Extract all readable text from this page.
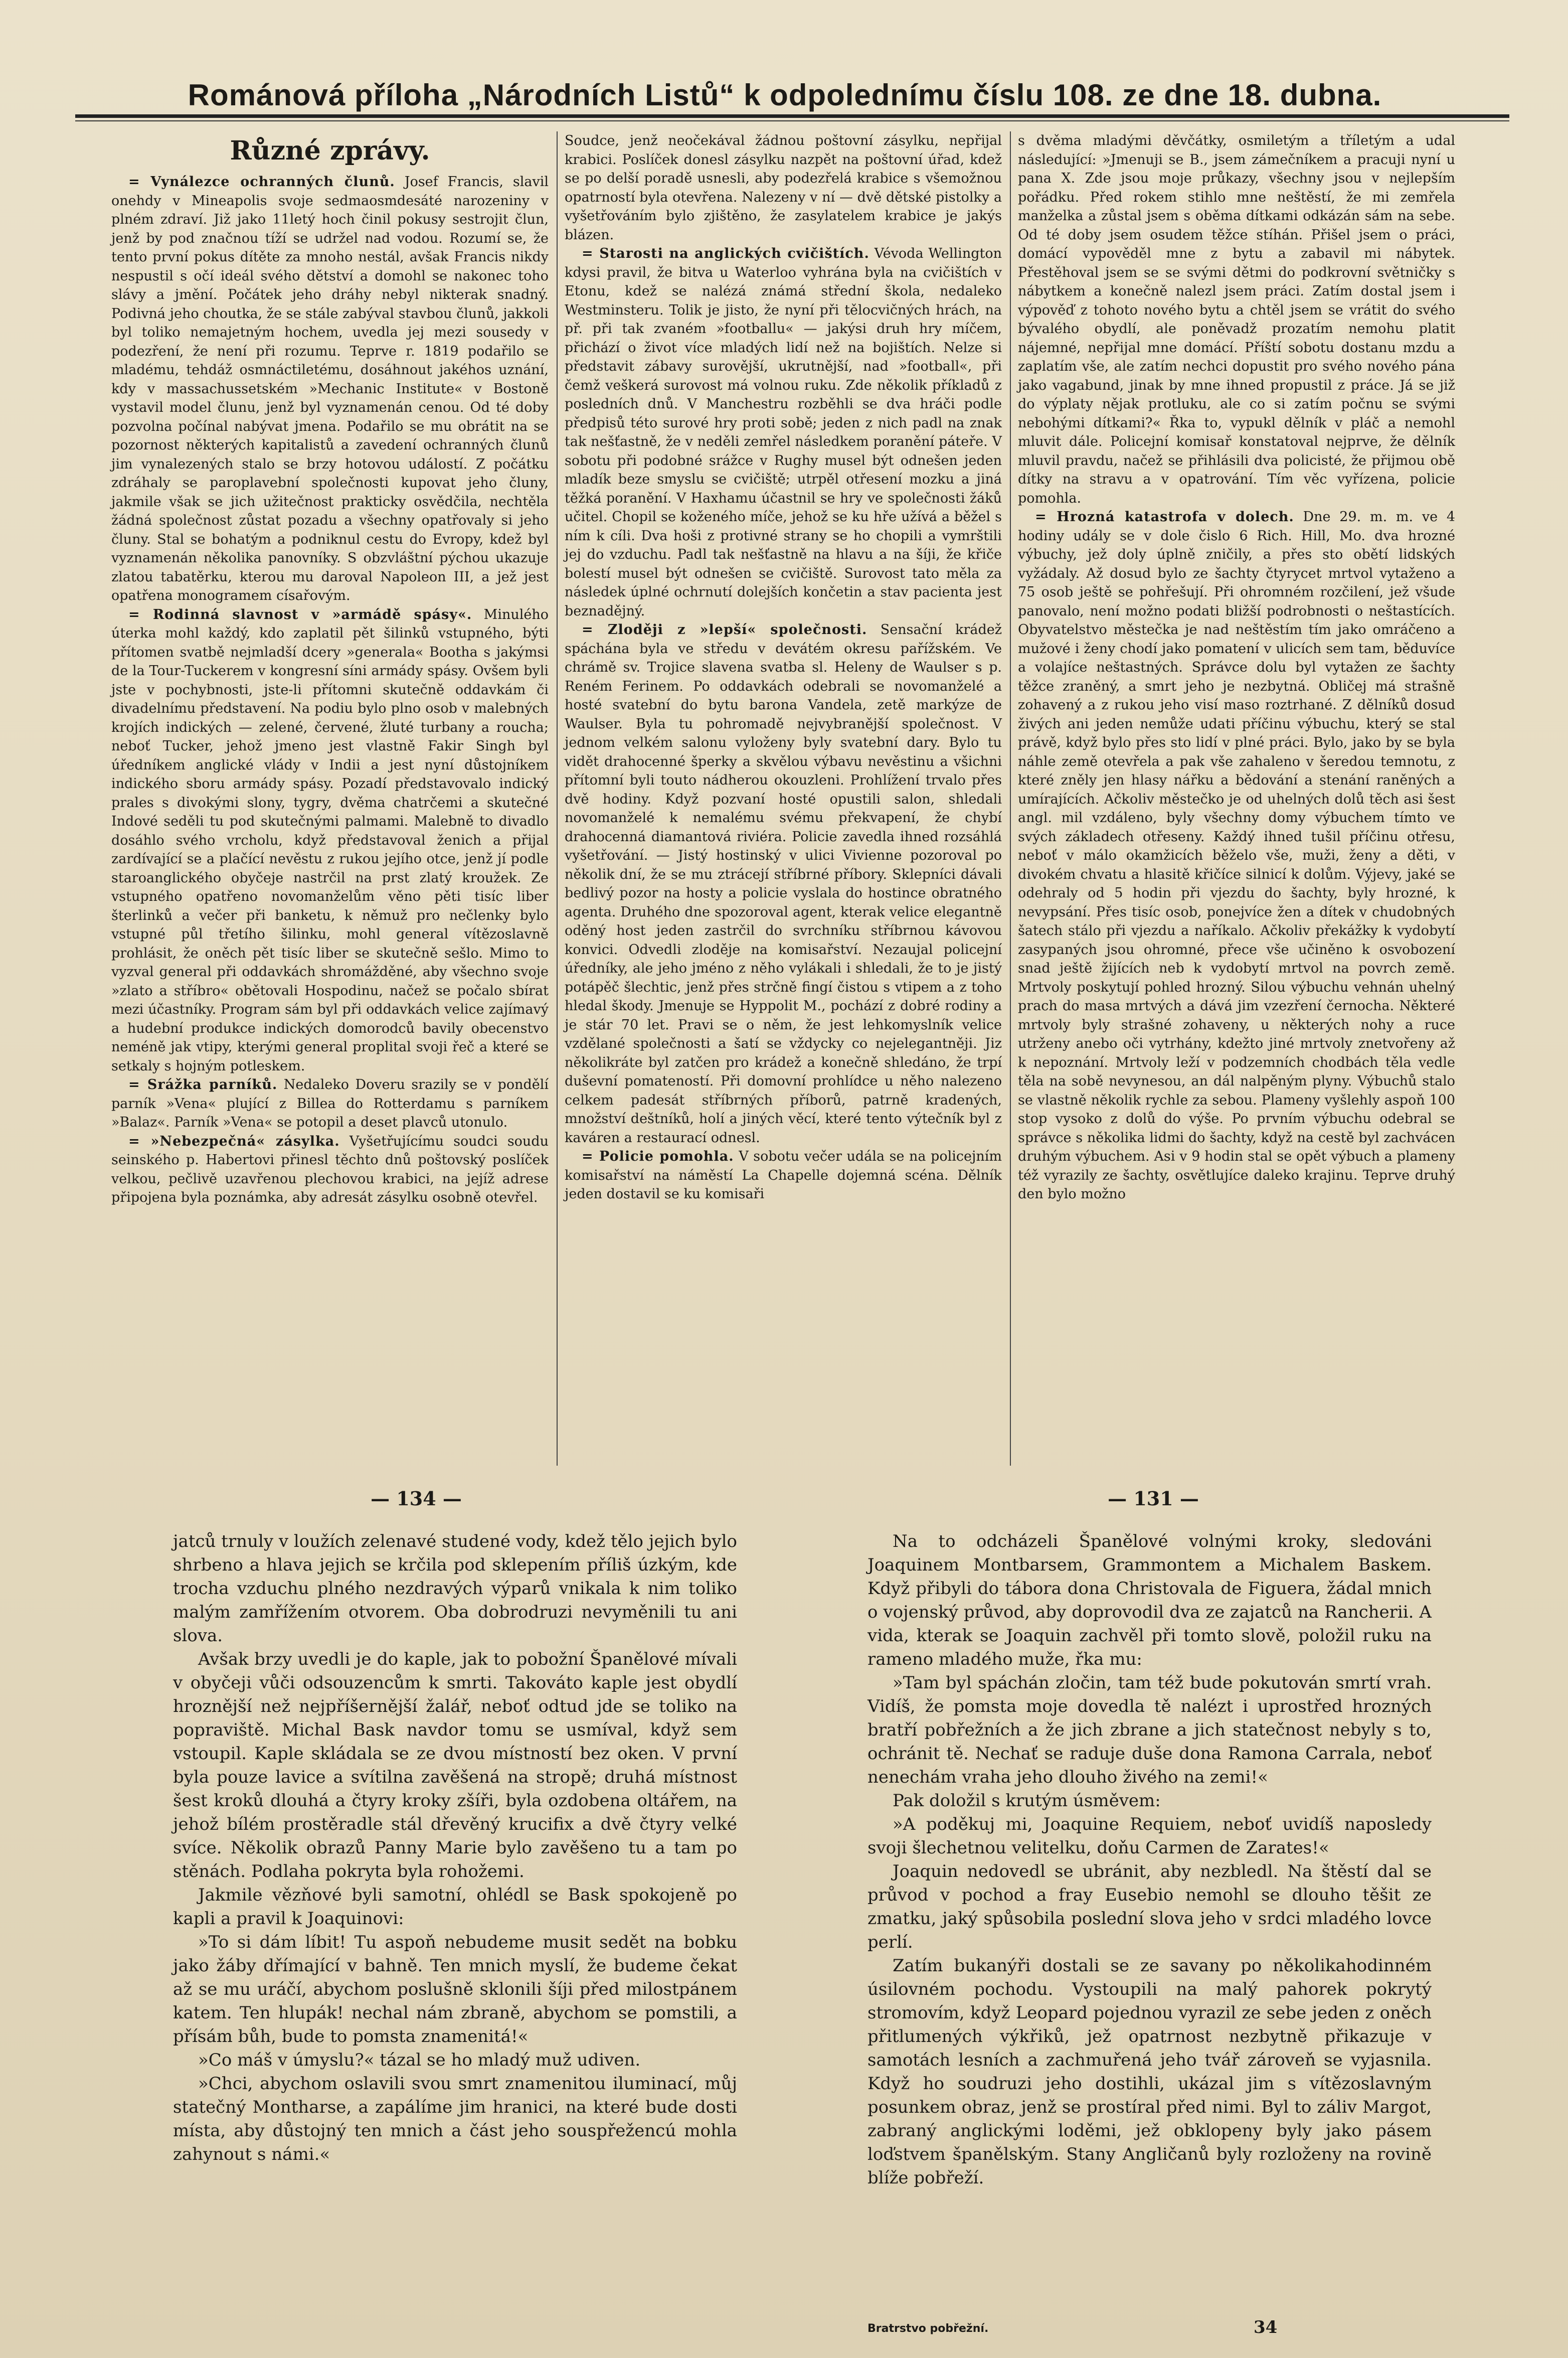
Románová příloha „Národních Listů“ k odpolednímu číslu 108. ze dne 18. dubna.

Různé zprávy.

= Vynálezce ochranných člunů. Josef Francis, slavil onehdy v Mineapolis svoje sedmaosmdesáté narozeniny v plném zdraví. Již jako 11letý hoch činil pokusy sestrojit člun, jenž by pod značnou tíží se udržel nad vodou. Rozumí se, že tento první pokus dítěte za mnoho nestál, avšak Francis nikdy nespustil s očí ideál svého dětství a domohl se nakonec toho slávy a jmění. Počátek jeho dráhy nebyl nikterak snadný. Podivná jeho choutka, že se stále zabýval stavbou člunů, jakkoli byl toliko nemajetným hochem, uvedla jej mezi sousedy v podezření, že není při rozumu. Teprve r. 1819 podařilo se mladému, tehdáž osmnáctiletému, dosáhnout jakéhos uznání, kdy v massachussetském »Mechanic Institute« v Bostoně vystavil model člunu, jenž byl vyznamenán cenou. Od té doby pozvolna počínal nabývat jmena. Podařilo se mu obrátit na se pozornost některých kapitalistů a zavedení ochranných člunů jim vynalezených stalo se brzy hotovou událostí. Z počátku zdráhaly se paroplavební společnosti kupovat jeho čluny, jakmile však se jich užitečnost prakticky osvědčila, nechtěla žádná společnost zůstat pozadu a všechny opatřovaly si jeho čluny. Stal se bohatým a podniknul cestu do Evropy, kdež byl vyznamenán několika panovníky. S obzvláštní pýchou ukazuje zlatou tabatěrku, kterou mu daroval Napoleon III, a jež jest opatřena monogramem císařovým.

= Rodinná slavnost v »armádě spásy«. Minulého úterka mohl každý, kdo zaplatil pět šilinků vstupného, býti přítomen svatbě nejmladší dcery »generala« Bootha s jakýmsi de la Tour-Tuckerem v kongresní síni armády spásy. Ovšem byli jste v pochybnosti, jste-li přítomni skutečně oddavkám či divadelnímu představení. Na podiu bylo plno osob v malebných krojích indických — zelené, červené, žluté turbany a roucha; neboť Tucker, jehož jmeno jest vlastně Fakir Singh byl úředníkem anglické vlády v Indii a jest nyní důstojníkem indického sboru armády spásy. Pozadí představovalo indický prales s divokými slony, tygry, dvěma chatrčemi a skutečné Indové seděli tu pod skutečnými palmami. Malebně to divadlo dosáhlo svého vrcholu, když představoval ženich a přijal zardívající se a plačící nevěstu z rukou jejího otce, jenž jí podle staroanglického obyčeje nastrčil na prst zlatý kroužek. Ze vstupného opatřeno novomanželům věno pěti tisíc liber šterlinků a večer při banketu, k němuž pro nečlenky bylo vstupné půl třetího šilinku, mohl general vítězoslavně prohlásit, že oněch pět tisíc liber se skutečně sešlo. Mimo to vyzval general při oddavkách shromážděné, aby všechno svoje »zlato a stříbro« obětovali Hospodinu, načež se počalo sbírat mezi účastníky. Program sám byl při oddavkách velice zajímavý a hudební produkce indických domorodců bavily obecenstvo neméně jak vtipy, kterými general proplital svoji řeč a které se setkaly s hojným potleskem.

= Srážka parníků. Nedaleko Doveru srazily se v pondělí parník »Vena« plující z Billea do Rotterdamu s parníkem »Balaz«. Parník »Vena« se potopil a deset plavců utonulo.

= »Nebezpečná« zásylka. Vyšetřujícímu soudci soudu seinského p. Habertovi přinesl těchto dnů poštovský poslíček velkou, pečlivě uzavřenou plechovou krabici, na jejíž adrese připojena byla poznámka, aby adresát zásylku osobně otevřel.

Soudce, jenž neočekával žádnou poštovní zásylku, nepřijal krabici. Poslíček donesl zásylku nazpět na poštovní úřad, kdež se po delší poradě usnesli, aby podezřelá krabice s všemožnou opatrností byla otevřena. Nalezeny v ní — dvě dětské pistolky a vyšetřováním bylo zjištěno, že zasylatelem krabice je jakýs blázen.

= Starosti na anglických cvičištích. Vévoda Wellington kdysi pravil, že bitva u Waterloo vyhrána byla na cvičištích v Etonu, kdež se nalézá známá střední škola, nedaleko Westminsteru. Tolik je jisto, že nyní při tělocvičných hrách, na př. při tak zvaném »footballu« — jakýsi druh hry míčem, přichází o život více mladých lidí než na bojištích. Nelze si představit zábavy surovější, ukrutnější, nad »football«, při čemž veškerá surovost má volnou ruku. Zde několik příkladů z posledních dnů. V Manchestru rozběhli se dva hráči podle předpisů této surové hry proti sobě; jeden z nich padl na znak tak nešťastně, že v neděli zemřel následkem poranění páteře. V sobotu při podobné srážce v Rughy musel být odnešen jeden mladík beze smyslu se cvičiště; utrpěl otřesení mozku a jiná těžká poranění. V Haxhamu účastnil se hry ve společnosti žáků učitel. Chopil se koženého míče, jehož se ku hře užívá a běžel s ním k cíli. Dva hoši z protivné strany se ho chopili a vymrštili jej do vzduchu. Padl tak nešťastně na hlavu a na šíji, že křiče bolestí musel být odnešen se cvičiště. Surovost tato měla za následek úplné ochrnutí dolejších končetin a stav pacienta jest beznadějný.

= Zloději z »lepší« společnosti. Sensační krádež spáchána byla ve středu v devátém okresu pařížském. Ve chrámě sv. Trojice slavena svatba sl. Heleny de Waulser s p. Reném Ferinem. Po oddavkách odebrali se novomanželé a hosté svatební do bytu barona Vandela, zetě markýze de Waulser. Byla tu pohromadě nejvybranější společnost. V jednom velkém salonu vyloženy byly svatební dary. Bylo tu vidět drahocenné šperky a skvělou výbavu nevěstinu a všichni přítomní byli touto nádherou okouzleni. Prohlížení trvalo přes dvě hodiny. Když pozvaní hosté opustili salon, shledali novomanželé k nemalému svému překvapení, že chybí drahocenná diamantová riviéra. Policie zavedla ihned rozsáhlá vyšetřování. — Jistý hostinský v ulici Vivienne pozoroval po několik dní, že se mu ztrácejí stříbrné příbory. Sklepníci dávali bedlivý pozor na hosty a policie vyslala do hostince obratného agenta. Druhého dne spozoroval agent, kterak velice elegantně oděný host jeden zastrčil do svrchníku stříbrnou kávovou konvici. Odvedli zloděje na komisařství. Nezaujal policejní úředníky, ale jeho jméno z něho vylákali i shledali, že to je jistý potápěč šlechtic, jenž přes strčně fingí čistou s vtipem a z toho hledal škody. Jmenuje se Hyppolit M., pochází z dobré rodiny a je stár 70 let. Pravi se o něm, že jest lehkomyslník velice vzdělané společnosti a šatí se vždycky co nejelegantněji. Jiz několikráte byl zatčen pro krádež a konečně shledáno, že trpí duševní pomateností. Při domovní prohlídce u něho nalezeno celkem padesát stříbrných příborů, patrně kradených, množství deštníků, holí a jiných věcí, které tento výtečník byl z kaváren a restaurací odnesl.

= Policie pomohla. V sobotu večer udála se na policejním komisařství na náměstí La Chapelle dojemná scéna. Dělník jeden dostavil se ku komisaři

s dvěma mladými děvčátky, osmiletým a tříletým a udal následující: »Jmenuji se B., jsem zámečníkem a pracuji nyní u pana X. Zde jsou moje průkazy, všechny jsou v nejlepším pořádku. Před rokem stihlo mne neštěstí, že mi zemřela manželka a zůstal jsem s oběma dítkami odkázán sám na sebe. Od té doby jsem osudem těžce stíhán. Přišel jsem o práci, domácí vypověděl mne z bytu a zabavil mi nábytek. Přestěhoval jsem se se svými dětmi do podkrovní světničky s nábytkem a konečně nalezl jsem práci. Zatím dostal jsem i výpověď z tohoto nového bytu a chtěl jsem se vrátit do svého bývalého obydlí, ale poněvadž prozatím nemohu platit nájemné, nepřijal mne domácí. Příští sobotu dostanu mzdu a zaplatím vše, ale zatím nechci dopustit pro svého nového pána jako vagabund, jinak by mne ihned propustil z práce. Já se již do výplaty nějak protluku, ale co si zatím počnu se svými nebohými dítkami?« Řka to, vypukl dělník v pláč a nemohl mluvit dále. Policejní komisař konstatoval nejprve, že dělník mluvil pravdu, načež se přihlásili dva policisté, že přijmou obě dítky na stravu a v opatrování. Tím věc vyřízena, policie pomohla.

= Hrozná katastrofa v dolech. Dne 29. m. m. ve 4 hodiny udály se v dole čislo 6 Rich. Hill, Mo. dva hrozné výbuchy, jež doly úplně zničily, a přes sto obětí lidských vyžádaly. Až dosud bylo ze šachty čtyrycet mrtvol vytaženo a 75 osob ještě se pohřešují. Při ohromném rozčilení, jež všude panovalo, není možno podati bližší podrobnosti o neštastících. Obyvatelstvo městečka je nad neštěstím tím jako omráčeno a mužové i ženy chodí jako pomatení v ulicích sem tam, běduvíce a volajíce neštastných. Správce dolu byl vytažen ze šachty těžce zraněný, a smrt jeho je nezbytná. Obličej má strašně zohavený a z rukou jeho visí maso roztrhané. Z dělníků dosud živých ani jeden nemůže udati příčinu výbuchu, který se stal právě, když bylo přes sto lidí v plné práci. Bylo, jako by se byla náhle země otevřela a pak vše zahaleno v šeredou temnotu, z které zněly jen hlasy nářku a bědování a stenání raněných a umírajících. Ačkoliv městečko je od uhelných dolů těch asi šest angl. mil vzdáleno, byly všechny domy výbuchem tímto ve svých základech otřeseny. Každý ihned tušil příčinu otřesu, neboť v málo okamžicích běželo vše, muži, ženy a děti, v divokém chvatu a hlasitě křičíce silnicí k dolům. Výjevy, jaké se odehraly od 5 hodin při vjezdu do šachty, byly hrozné, k nevypsání. Přes tisíc osob, ponejvíce žen a dítek v chudobných šatech stálo při vjezdu a naříkalo. Ačkoliv překážky k vydobytí zasypaných jsou ohromné, přece vše učiněno k osvobození snad ještě žijících neb k vydobytí mrtvol na povrch země. Mrtvoly poskytují pohled hrozný. Silou výbuchu vehnán uhelný prach do masa mrtvých a dává jim vzezření černocha. Některé mrtvoly byly strašné zohaveny, u některých nohy a ruce utrženy anebo oči vytrhány, kdežto jiné mrtvoly znetvořeny až k nepoznání. Mrtvoly leží v podzemních chodbách těla vedle těla na sobě nevynesou, an dál nalpěným plyny. Výbuchů stalo se vlastně několik rychle za sebou. Plameny vyšlehly aspoň 100 stop vysoko z dolů do výše. Po prvním výbuchu odebral se správce s několika lidmi do šachty, když na cestě byl zachvácen druhým výbuchem. Asi v 9 hodin stal se opět výbuch a plameny též vyrazily ze šachty, osvětlujíce daleko krajinu. Teprve druhý den bylo možno

— 134 —	— 131 —

jatců trnuly v loužích zelenavé studené vody, kdež tělo jejich bylo shrbeno a hlava jejich se krčila pod sklepením příliš úzkým, kde trocha vzduchu plného nezdravých výparů vnikala k nim toliko malým zamřížením otvorem. Oba dobrodruzi nevyměnili tu ani slova.

Avšak brzy uvedli je do kaple, jak to pobožní Španělové mívali v obyčeji vůči odsouzencům k smrti. Takováto kaple jest obydlí hroznější než nejpříšernější žalář, neboť odtud jde se toliko na popraviště. Michal Bask navdor tomu se usmíval, když sem vstoupil. Kaple skládala se ze dvou místností bez oken. V první byla pouze lavice a svítilna zavěšená na stropě; druhá místnost šest kroků dlouhá a čtyry kroky zšíři, byla ozdobena oltářem, na jehož bílém prostěradle stál dřevěný krucifix a dvě čtyry velké svíce. Několik obrazů Panny Marie bylo zavěšeno tu a tam po stěnách. Podlaha pokryta byla rohožemi.

Jakmile vězňové byli samotní, ohlédl se Bask spokojeně po kapli a pravil k Joaquinovi:

»To si dám líbit! Tu aspoň nebudeme musit sedět na bobku jako žáby dřímající v bahně. Ten mnich myslí, že budeme čekat až se mu uráčí, abychom poslušně sklonili šíji před milostpánem katem. Ten hlupák! nechal nám zbraně, abychom se pomstili, a přísám bůh, bude to pomsta znamenitá!«

»Co máš v úmyslu?« tázal se ho mladý muž udiven.

»Chci, abychom oslavili svou smrt znamenitou iluminací, můj statečný Montharse, a zapálíme jim hranici, na které bude dosti místa, aby důstojný ten mnich a část jeho souspřežencú mohla zahynout s námi.«

Na to odcházeli Španělové volnými kroky, sledováni Joaquinem Montbarsem, Grammontem a Michalem Baskem. Když přibyli do tábora dona Christovala de Figuera, žádal mnich o vojenský průvod, aby doprovodil dva ze zajatců na Rancherii. A vida, kterak se Joaquin zachvěl při tomto slově, položil ruku na rameno mladého muže, řka mu:

»Tam byl spáchán zločin, tam též bude pokutován smrtí vrah. Vidíš, že pomsta moje dovedla tě nalézt i uprostřed hrozných bratří pobřežních a že jich zbrane a jich statečnost nebyly s to, ochránit tě. Nechať se raduje duše dona Ramona Carrala, neboť nenechám vrahа jeho dlouho živého na zemi!«

Pak doložil s krutým úsměvem:

»A poděkuj mi, Joaquine Requiem, neboť uvidíš naposledy svoji šlechetnou velitelku, doňu Carmen de Zarates!«

Joaquin nedovedl se ubránit, aby nezbledl. Na štěstí dal se průvod v pochod a fray Eusebio nemohl se dlouho těšit ze zmatku, jaký spůsobila poslední slova jeho v srdci mladého lovce perlí.

Zatím bukanýři dostali se ze savany po několikahodinném úsilovném pochodu. Vystoupili na malý pahorek pokrytý stromovím, když Leopard pojednou vyrazil ze sebe jeden z oněch přitlumených výkřiků, jež opatrnost nezbytně přikazuje v samotách lesních a zachmuřená jeho tvář zároveň se vyjasnila. Když ho soudruzi jeho dostihli, ukázal jim s vítězoslavným posunkem obraz, jenž se prostíral před nimi. Byl to záliv Margot, zabraný anglickými loděmi, jež obklopeny byly jako pásem loďstvem španělským. Stany Angličanů byly rozloženy na rovině blíže pobřeží.

Bratrstvo pobřežní.	34
